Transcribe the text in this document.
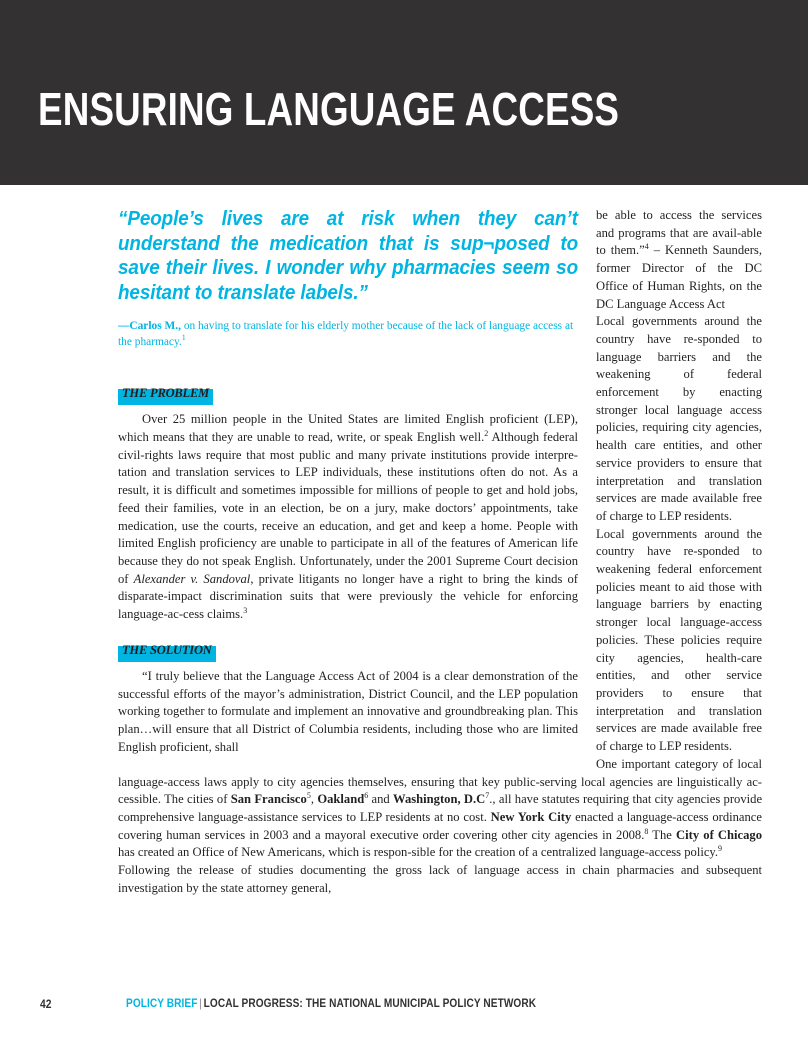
ENSURING LANGUAGE ACCESS
“People’s lives are at risk when they can’t understand the medication that is sup¬posed to save their lives. I wonder why pharmacies seem so hesitant to translate labels.”
—Carlos M., on having to translate for his elderly mother because of the lack of language access at the pharmacy.$^1$
THE PROBLEM

Over 25 million people in the United States are limited English proficient (LEP), which means that they are unable to read, write, or speak English well.$^2$ Although federal civil-rights laws require that most public and many private institutions provide interpre-tation and translation services to LEP individuals, these institutions often do not. As a result, it is difficult and sometimes impossible for millions of people to get and hold jobs, feed their families, vote in an election, be on a jury, make doctors’ appointments, take medication, use the courts, receive an education, and get and keep a home. People with limited English proficiency are unable to participate in all of the features of American life because they do not speak English. Unfortunately, under the 2001 Supreme Court decision of Alexander v. Sandoval, private litigants no longer have a right to bring the kinds of disparate-impact discrimination suits that were previously the vehicle for enforcing language-ac-cess claims.$^3$

THE SOLUTION

“I truly believe that the Language Access Act of 2004 is a clear demonstration of the successful efforts of the mayor’s administration, District Council, and the LEP population working together to formulate and implement an innovative and groundbreaking plan. This plan…will ensure that all District of Columbia residents, including those who are limited English proficient, shall

be able to access the services and programs that are avail-able to them.”$^4$ – Kenneth Saunders, former Director of the DC Office of Human Rights, on the DC Language Access Act

Local governments around the country have re-sponded to language barriers and the weakening of federal enforcement by enacting stronger local language access policies, requiring city agencies, health care entities, and other service providers to ensure that interpretation and translation services are made available free of charge to LEP residents.

Local governments around the country have re-sponded to weakening federal enforcement policies meant to aid those with language barriers by enacting stronger local language-access policies. These policies require city agencies, health-care entities, and other service providers to ensure that interpretation and translation services are made available free of charge to LEP residents.

One important category of local language-access laws apply to city agencies themselves, ensuring that key public-serving local agencies are linguistically ac-cessible. The cities of San Francisco$^5$, Oakland$^6$ and Washington, $D.C^7$., all have statutes requiring that city agencies provide comprehensive language-assistance services to LEP residents at no cost. New York City enacted a language-access ordinance covering human services in 2003 and a mayoral executive order covering other city agencies in 2008.$^8$ The City of Chicago has created an Office of New Americans, which is respon-sible for the creation of a centralized language-access policy.$^9$

Following the release of studies documenting the gross lack of language access in chain pharmacies and subsequent investigation by the state attorney general,

42	POLICY BRIEF | LOCAL PROGRESS: THE NATIONAL MUNICIPAL POLICY NETWORK
